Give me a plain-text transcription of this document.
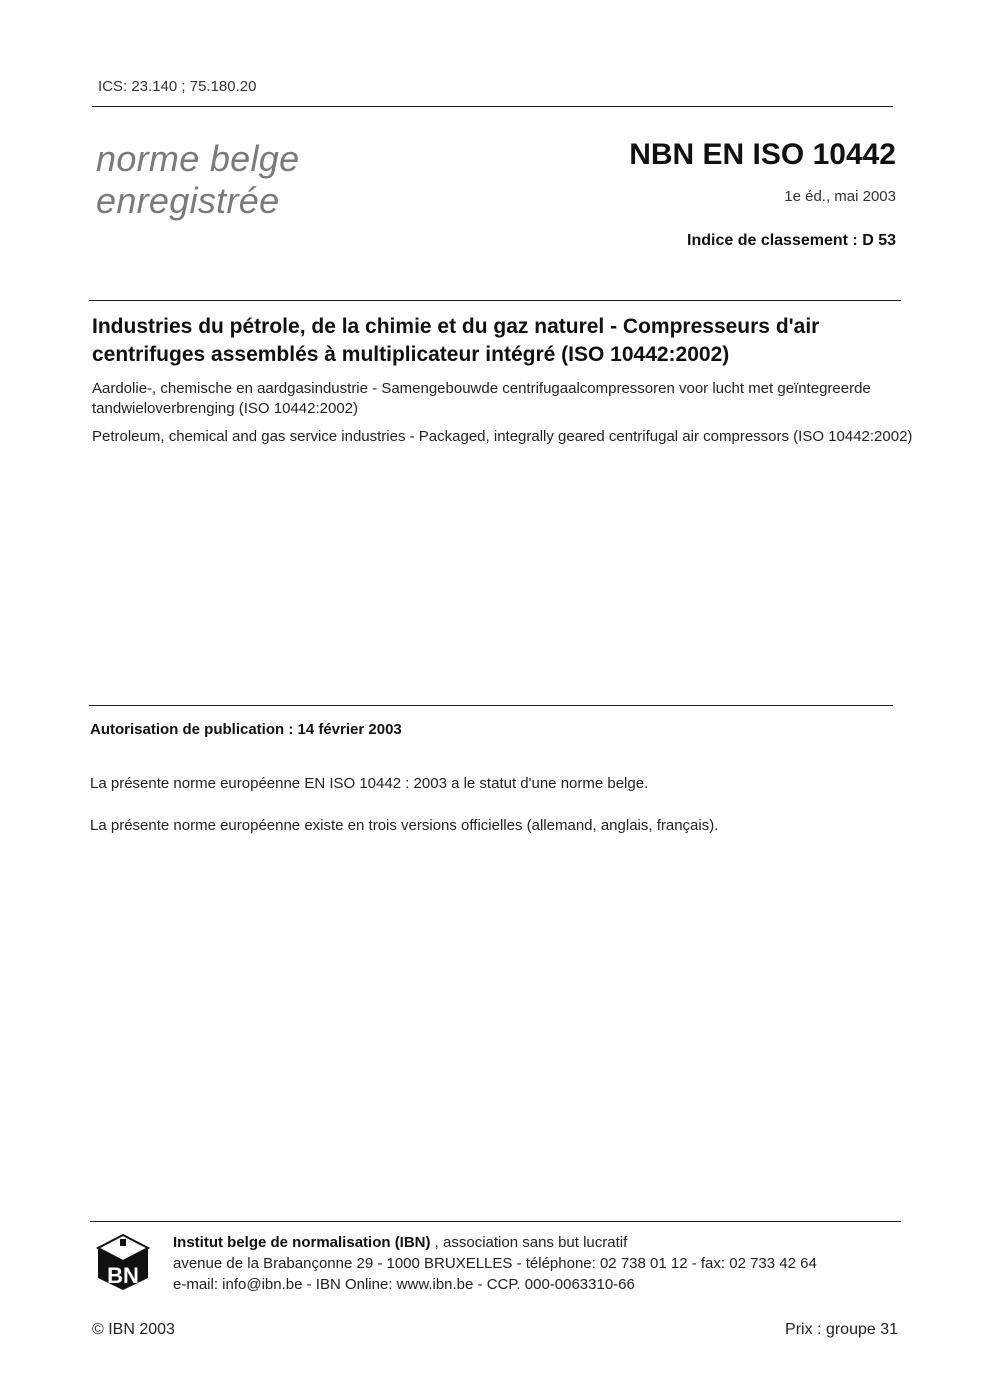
ICS: 23.140 ; 75.180.20
norme belge
enregistrée
NBN EN ISO 10442
1e éd., mai 2003
Indice de classement : D 53
Industries du pétrole, de la chimie et du gaz naturel - Compresseurs d'air centrifuges assemblés à multiplicateur intégré (ISO 10442:2002)
Aardolie-, chemische en aardgasindustrie - Samengebouwde centrifugaalcompressoren voor lucht met geïntegreerde tandwieloverbrenging (ISO 10442:2002)
Petroleum, chemical and gas service industries - Packaged, integrally geared centrifugal air compressors (ISO 10442:2002)
Autorisation de publication : 14 février 2003
La présente norme européenne EN ISO 10442 : 2003 a le statut d'une norme belge.
La présente norme européenne existe en trois versions officielles (allemand, anglais, français).
BN
Institut belge de normalisation (IBN) , association sans but lucratif
avenue de la Brabançonne 29 - 1000 BRUXELLES - téléphone: 02 738 01 12 - fax: 02 733 42 64
e-mail: info@ibn.be - IBN Online: www.ibn.be - CCP. 000-0063310-66
© IBN 2003	Prix : groupe 31
